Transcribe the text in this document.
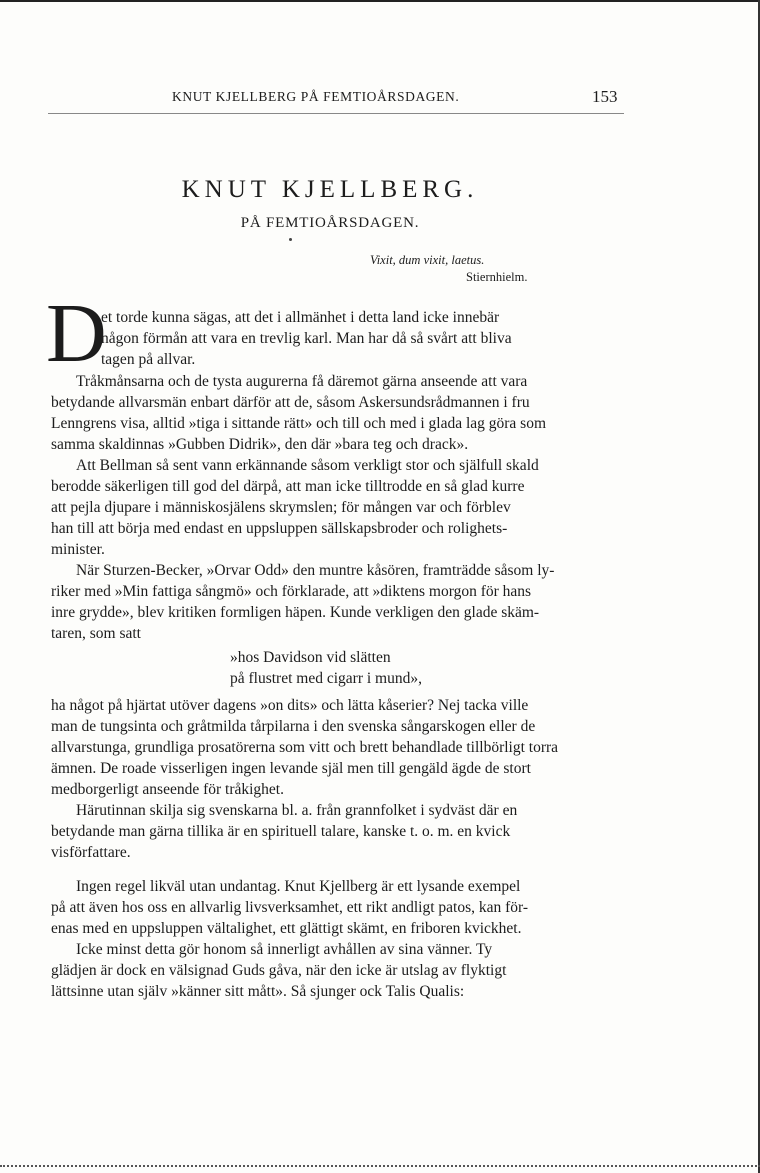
KNUT KJELLBERG PÅ FEMTIOÅRSDAGEN.	153
KNUT KJELLBERG.
PÅ FEMTIOÅRSDAGEN.
Vixit, dum vixit, laetus.
Stiernhielm.
D
et torde kunna sägas, att det i allmänhet i detta land icke innebär
någon förmån att vara en trevlig karl. Man har då så svårt att bliva
tagen på allvar.
Tråkmånsarna och de tysta augurerna få däremot gärna anseende att vara
betydande allvarsmän enbart därför att de, såsom Askersundsrådmannen i fru
Lenngrens visa, alltid »tiga i sittande rätt» och till och med i glada lag göra som
samma skaldinnas »Gubben Didrik», den där »bara teg och drack».
Att Bellman så sent vann erkännande såsom verkligt stor och själfull skald
berodde säkerligen till god del därpå, att man icke tilltrodde en så glad kurre
att pejla djupare i människosjälens skrymslen; för mången var och förblev
han till att börja med endast en uppsluppen sällskapsbroder och rolighets-
minister.
När Sturzen-Becker, »Orvar Odd» den muntre kåsören, framträdde såsom ly-
riker med »Min fattiga sångmö» och förklarade, att »diktens morgon för hans
inre grydde», blev kritiken formligen häpen. Kunde verkligen den glade skäm-
taren, som satt
»hos Davidson vid slätten
på flustret med cigarr i mund»,
ha något på hjärtat utöver dagens »on dits» och lätta kåserier? Nej tacka ville
man de tungsinta och gråtmilda tårpilarna i den svenska sångarskogen eller de
allvarstunga, grundliga prosatörerna som vitt och brett behandlade tillbörligt torra
ämnen. De roade visserligen ingen levande själ men till gengäld ägde de stort
medborgerligt anseende för tråkighet.
Härutinnan skilja sig svenskarna bl. a. från grannfolket i sydväst där en
betydande man gärna tillika är en spirituell talare, kanske t. o. m. en kvick
visförfattare.
Ingen regel likväl utan undantag. Knut Kjellberg är ett lysande exempel
på att även hos oss en allvarlig livsverksamhet, ett rikt andligt patos, kan för-
enas med en uppsluppen vältalighet, ett glättigt skämt, en friboren kvickhet.
Icke minst detta gör honom så innerligt avhållen av sina vänner. Ty
glädjen är dock en välsignad Guds gåva, när den icke är utslag av flyktigt
lättsinne utan själv »känner sitt mått». Så sjunger ock Talis Qualis:
